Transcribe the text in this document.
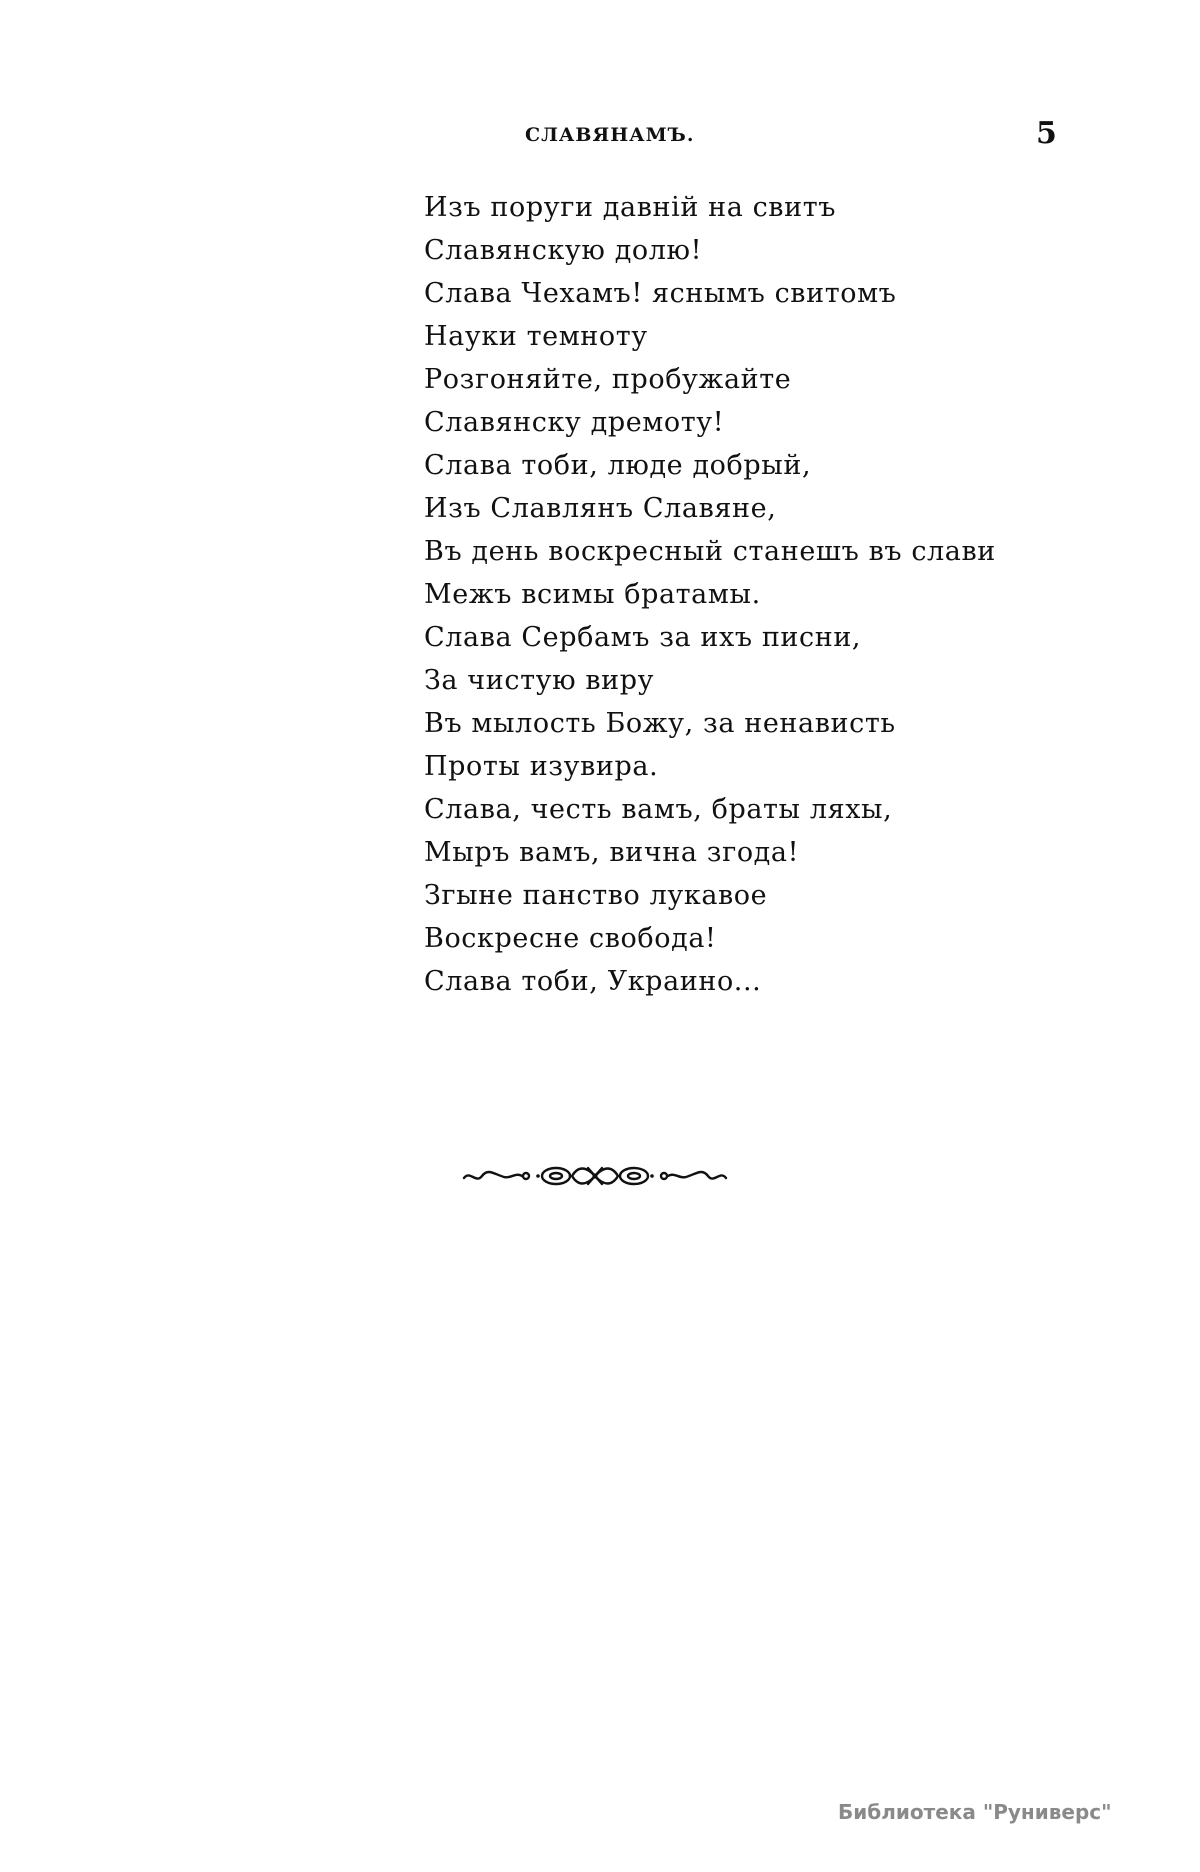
СЛАВЯНАМЪ.	5
Изъ поруги давній на свитъ
Славянскую долю!
Слава Чехамъ! яснымъ свитомъ
Науки темноту
Розгоняйте, пробужайте
Славянску дремоту!
Слава тоби, люде добрый,
Изъ Славлянъ Славяне,
Въ день воскресный станешъ въ слави
Межъ всимы братамы.
Слава Сербамъ за ихъ писни,
За чистую виру
Въ мылость Божу, за ненависть
Проты изувира.
Слава, честь вамъ, браты ляхы,
Мыръ вамъ, вична згода!
Згыне панство лукавое
Воскресне свобода!
Слава тоби, Украино...
Библиотека "Руниверс"
